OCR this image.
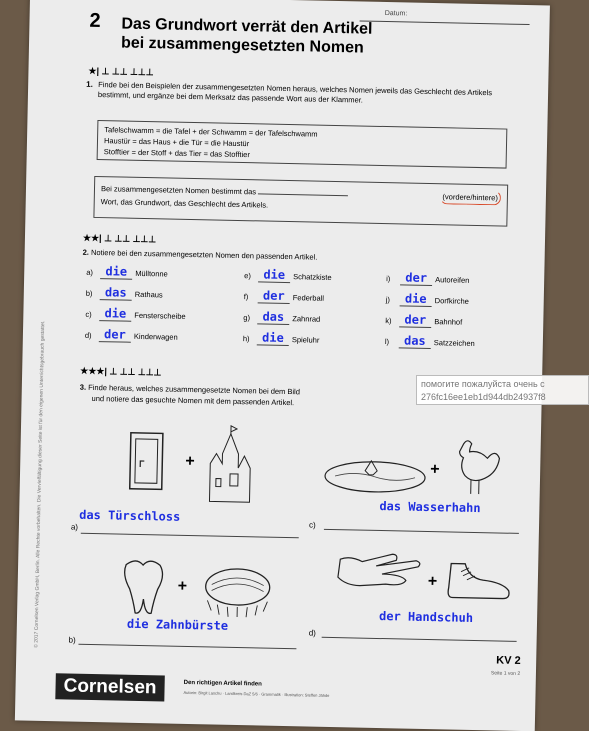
© 2017 Cornelsen Verlag GmbH, Berlin. Alle Rechte vorbehalten. Die Vervielfältigung dieser Seite ist für den eigenen Unterrichtsgebrauch gestattet.
Datum:
2 Das Grundwort verrät den Artikel
bei zusammengesetzten Nomen
★| ⊥ ⊥⊥ ⊥⊥⊥
1. Finde bei den Beispielen der zusammengesetzten Nomen heraus, welches Nomen jeweils das Geschlecht des Artikels bestimmt, und ergänze bei dem Merksatz das passende Wort aus der Klammer.
Tafelschwamm = die Tafel + der Schwamm = der Tafelschwamm
Haustür = das Haus + die Tür = die Haustür
Stofftier = der Stoff + das Tier = das Stofftier
Bei zusammengesetzten Nomen bestimmt das
(vordere/hintere)
Wort, das Grundwort, das Geschlecht des Artikels.
★★| ⊥ ⊥⊥ ⊥⊥⊥
2. Notiere bei den zusammengesetzten Nomen den passenden Artikel.
a) die Mülltonne
b) das Rathaus
c) die Fensterscheibe
d) der Kinderwagen
e) die Schatzkiste
f) der Federball
g) das Zahnrad
h) die Spieluhr
i) der Autoreifen
j) die Dorfkirche
k) der Bahnhof
l) das Satzzeichen
★★★| ⊥ ⊥⊥ ⊥⊥⊥
3. Finde heraus, welches zusammengesetzte Nomen bei dem Bild
und notiere das gesuchte Nomen mit dem passenden Artikel.
+	+
das Türschloss
a)
das Wasserhahn
c)
+	+
die Zahnbürste
b)
der Handschuh
d)
KV 2
Seite 1 von 2
Cornelsen	Den richtigen Artikel finden
Autorin: Birgit Laschu · Landkreis DaZ 5/6 · Grammatik · Illustration: Steffen Jähde
помогите пожалуйста очень с
276fc16ee1eb1d944db24937f8
